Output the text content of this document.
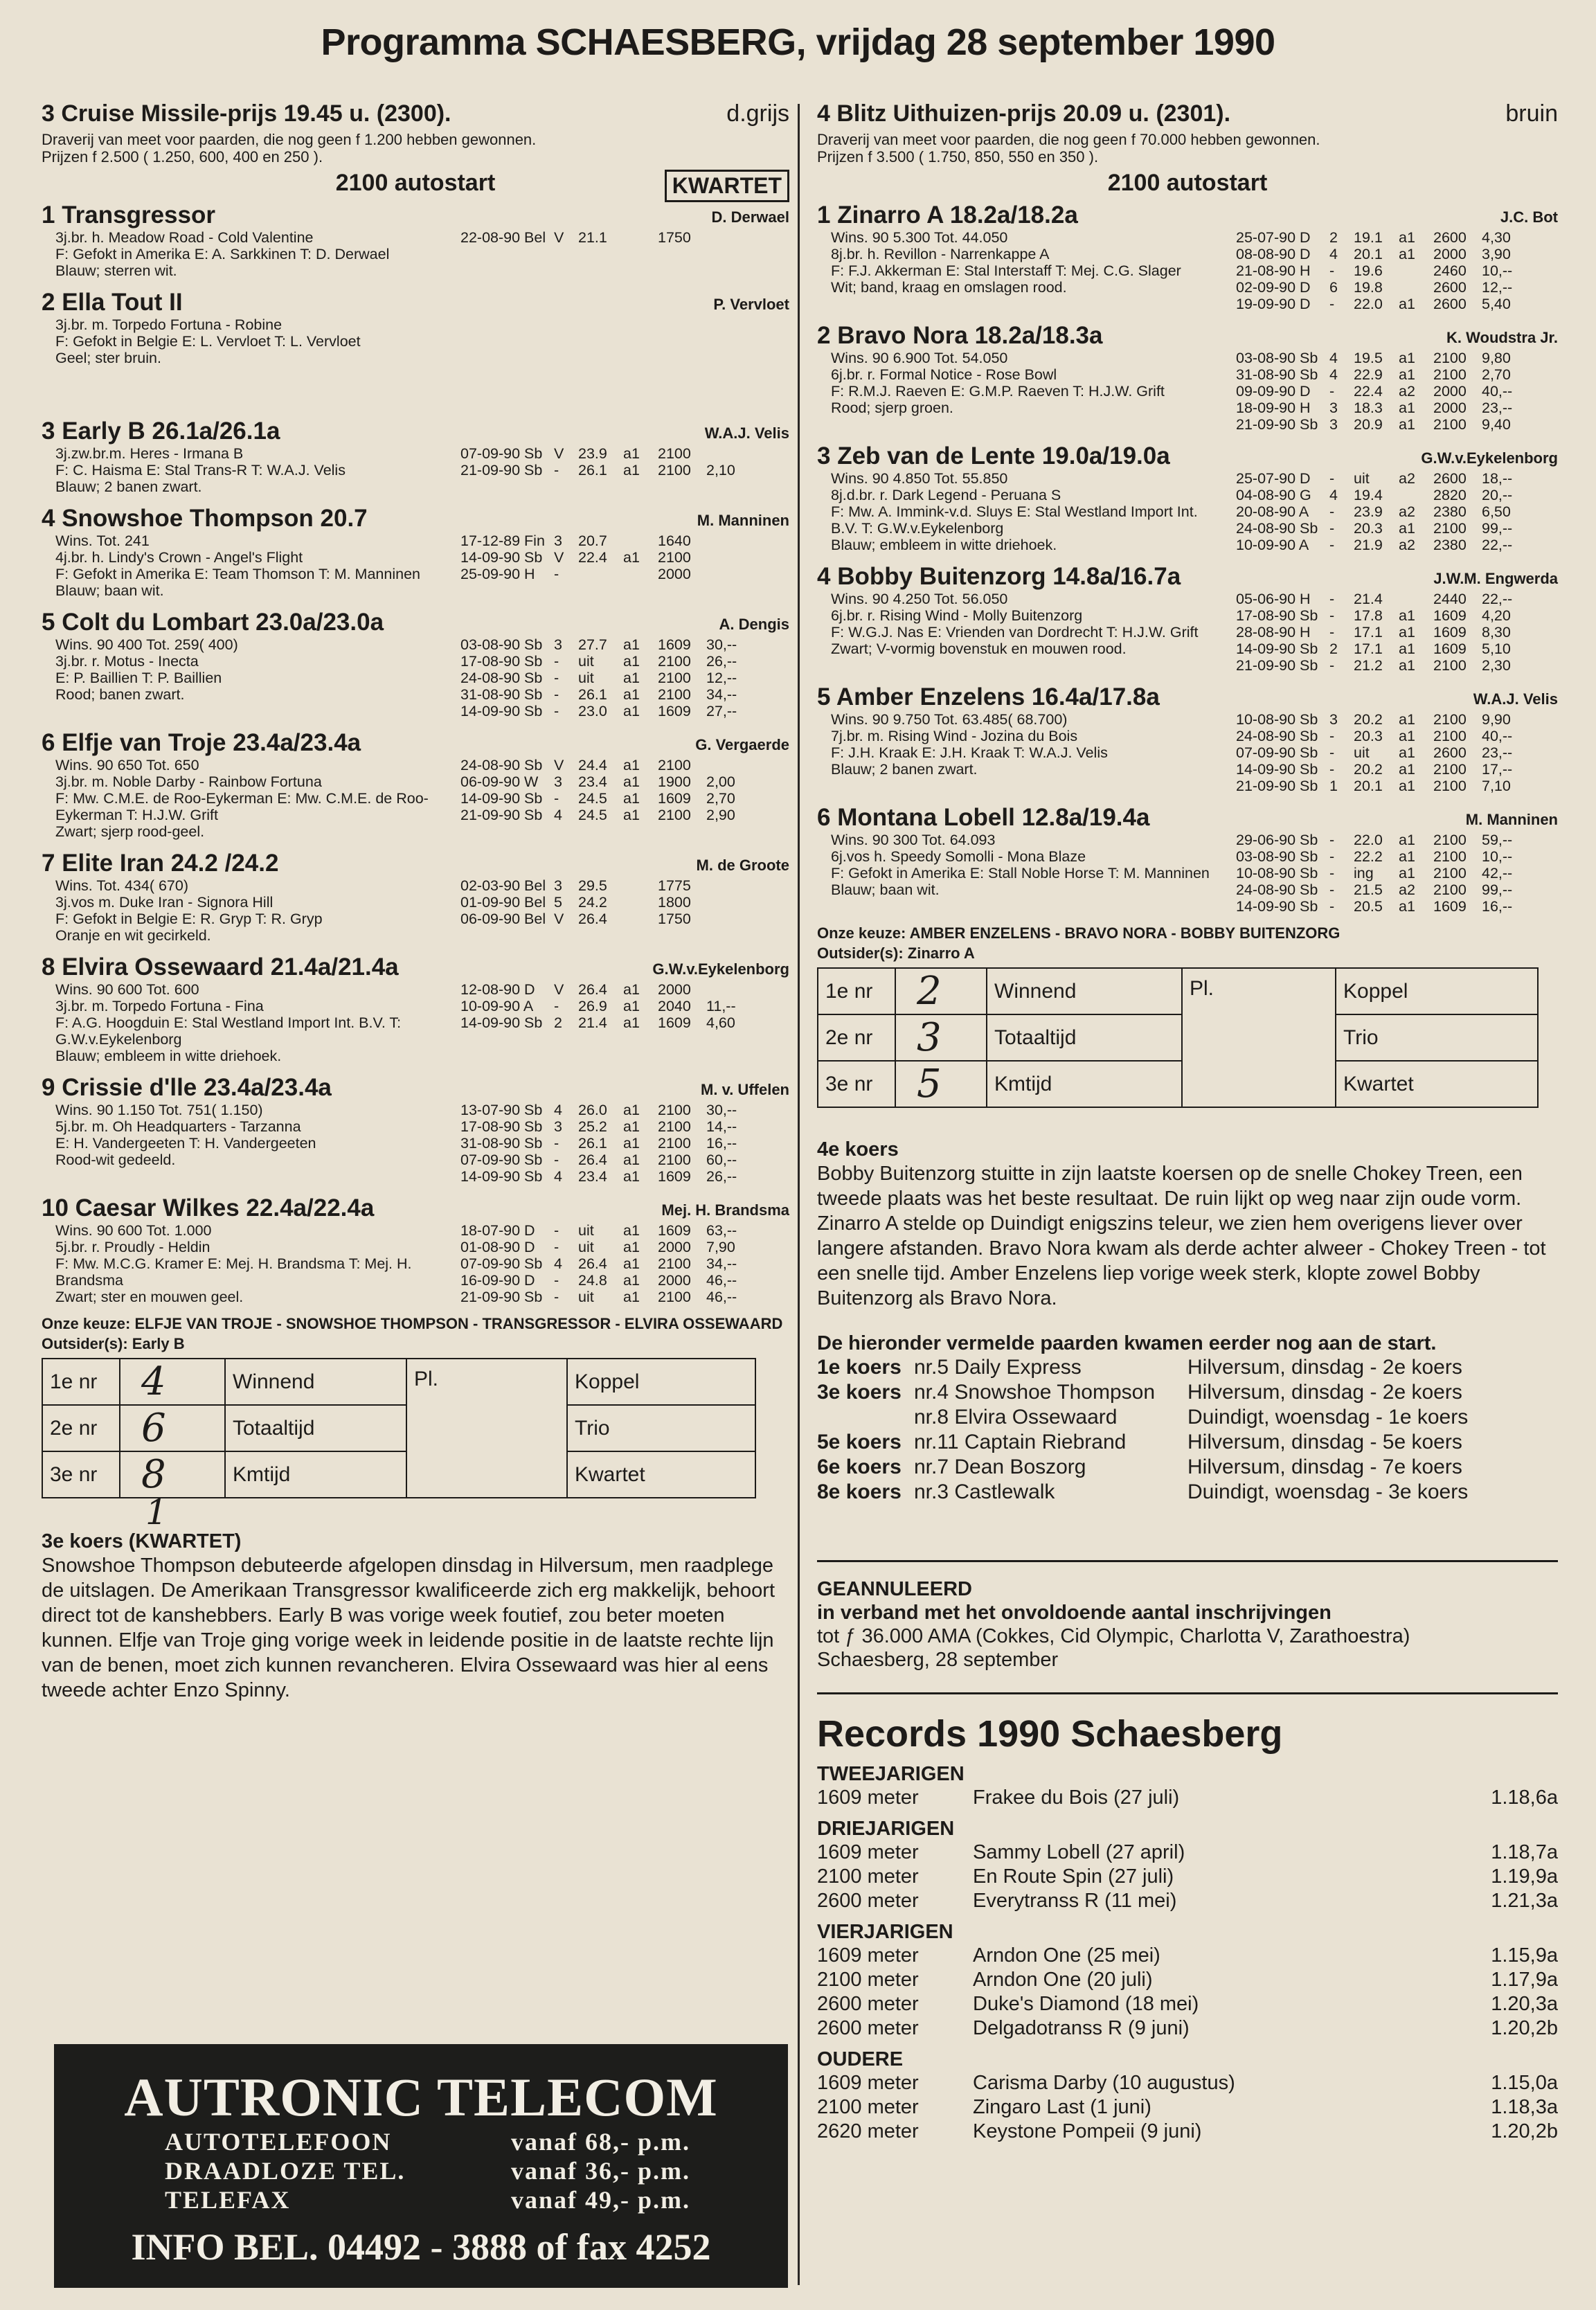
Programma SCHAESBERG, vrijdag 28 september 1990
3 Cruise Missile-prijs 19.45 u. (2300).	d.grijs
Draverij van meet voor paarden, die nog geen f 1.200 hebben gewonnen.
Prijzen f 2.500 ( 1.250, 600, 400 en 250 ).
2100 autostart	KWARTET
1 Transgressor	D. Derwael
3j.br. h. Meadow Road - Cold Valentine
F: Gefokt in Amerika E: A. Sarkkinen T: D. Derwael
Blauw; sterren wit.
22-08-90 Bel V 21.1	1750
2 Ella Tout II	P. Vervloet
3j.br. m. Torpedo Fortuna - Robine
F: Gefokt in Belgie E: L. Vervloet T: L. Vervloet
Geel; ster bruin.
3 Early B 26.1a/26.1a	W.A.J. Velis
3j.zw.br.m. Heres - Irmana B
F: C. Haisma E: Stal Trans-R T: W.A.J. Velis
Blauw; 2 banen zwart.
07-09-90 Sb V 23.9 a1 2100
21-09-90 Sb - 26.1 a1 2100 2,10
4 Snowshoe Thompson 20.7	M. Manninen
Wins. Tot. 241
4j.br. h. Lindy's Crown - Angel's Flight
F: Gefokt in Amerika E: Team Thomson T: M. Manninen
Blauw; baan wit.
17-12-89 Fin 3 20.7	1640
14-09-90 Sb V 22.4 a1 2100
25-09-90 H -	2000
5 Colt du Lombart 23.0a/23.0a	A. Dengis
Wins. 90 400 Tot. 259( 400)
3j.br. r. Motus - Inecta
E: P. Baillien T: P. Baillien
Rood; banen zwart.
03-08-90 Sb 3 27.7 a1 1609 30,--
17-08-90 Sb - uit a1 2100 26,--
24-08-90 Sb - uit a1 2100 12,--
31-08-90 Sb - 26.1 a1 2100 34,--
14-09-90 Sb - 23.0 a1 1609 27,--
6 Elfje van Troje 23.4a/23.4a	G. Vergaerde
Wins. 90 650 Tot. 650
3j.br. m. Noble Darby - Rainbow Fortuna
F: Mw. C.M.E. de Roo-Eykerman E: Mw. C.M.E. de Roo-Eykerman T: H.J.W. Grift
Zwart; sjerp rood-geel.
24-08-90 Sb V 24.4 a1 2100
06-09-90 W 3 23.4 a1 1900 2,00
14-09-90 Sb - 24.5 a1 1609 2,70
21-09-90 Sb 4 24.5 a1 2100 2,90
7 Elite Iran 24.2 /24.2	M. de Groote
Wins. Tot. 434( 670)
3j.vos m. Duke Iran - Signora Hill
F: Gefokt in Belgie E: R. Gryp T: R. Gryp
Oranje en wit gecirkeld.
02-03-90 Bel 3 29.5	1775
01-09-90 Bel 5 24.2	1800
06-09-90 Bel V 26.4	1750
8 Elvira Ossewaard 21.4a/21.4a	G.W.v.Eykelenborg
Wins. 90 600 Tot. 600
3j.br. m. Torpedo Fortuna - Fina
F: A.G. Hoogduin E: Stal Westland Import Int. B.V. T: G.W.v.Eykelenborg
Blauw; embleem in witte driehoek.
12-08-90 D V 26.4 a1 2000
10-09-90 A - 26.9 a1 2040 11,--
14-09-90 Sb 2 21.4 a1 1609 4,60
9 Crissie d'lle 23.4a/23.4a	M. v. Uffelen
Wins. 90 1.150 Tot. 751( 1.150)
5j.br. m. Oh Headquarters - Tarzanna
E: H. Vandergeeten T: H. Vandergeeten
Rood-wit gedeeld.
13-07-90 Sb 4 26.0 a1 2100 30,--
17-08-90 Sb 3 25.2 a1 2100 14,--
31-08-90 Sb - 26.1 a1 2100 16,--
07-09-90 Sb - 26.4 a1 2100 60,--
14-09-90 Sb 4 23.4 a1 1609 26,--
10 Caesar Wilkes 22.4a/22.4a	Mej. H. Brandsma
Wins. 90 600 Tot. 1.000
5j.br. r. Proudly - Heldin
F: Mw. M.C.G. Kramer E: Mej. H. Brandsma T: Mej. H. Brandsma
Zwart; ster en mouwen geel.
18-07-90 D - uit a1 1609 63,--
01-08-90 D - uit a1 2000 7,90
07-09-90 Sb 4 26.4 a1 2100 34,--
16-09-90 D - 24.8 a1 2000 46,--
21-09-90 Sb - uit a1 2100 46,--
Onze keuze: ELFJE VAN TROJE - SNOWSHOE THOMPSON - TRANSGRESSOR - ELVIRA OSSEWAARD
Outsider(s): Early B
1e nr	4	Winnend	Pl.	Koppel
2e nr	6	Totaaltijd		Trio
3e nr	8	Kmtijd		Kwartet
1
3e koers (KWARTET)
Snowshoe Thompson debuteerde afgelopen dinsdag in Hilversum, men raadplege de uitslagen. De Amerikaan Transgressor kwalificeerde zich erg makkelijk, behoort direct tot de kanshebbers. Early B was vorige week foutief, zou beter moeten kunnen. Elfje van Troje ging vorige week in leidende positie in de laatste rechte lijn van de benen, moet zich kunnen revancheren. Elvira Ossewaard was hier al eens tweede achter Enzo Spinny.
4 Blitz Uithuizen-prijs 20.09 u. (2301).	bruin
Draverij van meet voor paarden, die nog geen f 70.000 hebben gewonnen.
Prijzen f 3.500 ( 1.750, 850, 550 en 350 ).
2100 autostart
1 Zinarro A 18.2a/18.2a	J.C. Bot
Wins. 90 5.300 Tot. 44.050
8j.br. h. Revillon - Narrenkappe A
F: F.J. Akkerman E: Stal Interstaff T: Mej. C.G. Slager
Wit; band, kraag en omslagen rood.
25-07-90 D 2 19.1 a1 2600 4,30
08-08-90 D 4 20.1 a1 2000 3,90
21-08-90 H - 19.6	2460 10,--
02-09-90 D 6 19.8	2600 12,--
19-09-90 D - 22.0 a1 2600 5,40
2 Bravo Nora 18.2a/18.3a	K. Woudstra Jr.
Wins. 90 6.900 Tot. 54.050
6j.br. r. Formal Notice - Rose Bowl
F: R.M.J. Raeven E: G.M.P. Raeven T: H.J.W. Grift
Rood; sjerp groen.
03-08-90 Sb 4 19.5 a1 2100 9,80
31-08-90 Sb 4 22.9 a1 2100 2,70
09-09-90 D - 22.4 a2 2000 40,--
18-09-90 H 3 18.3 a1 2000 23,--
21-09-90 Sb 3 20.9 a1 2100 9,40
3 Zeb van de Lente 19.0a/19.0a	G.W.v.Eykelenborg
Wins. 90 4.850 Tot. 55.850
8j.d.br. r. Dark Legend - Peruana S
F: Mw. A. Immink-v.d. Sluys E: Stal Westland Import Int. B.V. T: G.W.v.Eykelenborg
Blauw; embleem in witte driehoek.
25-07-90 D - uit a2 2600 18,--
04-08-90 G 4 19.4	2820 20,--
20-08-90 A - 23.9 a2 2380 6,50
24-08-90 Sb - 20.3 a1 2100 99,--
10-09-90 A - 21.9 a2 2380 22,--
4 Bobby Buitenzorg 14.8a/16.7a	J.W.M. Engwerda
Wins. 90 4.250 Tot. 56.050
6j.br. r. Rising Wind - Molly Buitenzorg
F: W.G.J. Nas E: Vrienden van Dordrecht T: H.J.W. Grift
Zwart; V-vormig bovenstuk en mouwen rood.
05-06-90 H - 21.4	2440 22,--
17-08-90 Sb - 17.8 a1 1609 4,20
28-08-90 H - 17.1 a1 1609 8,30
14-09-90 Sb 2 17.1 a1 1609 5,10
21-09-90 Sb - 21.2 a1 2100 2,30
5 Amber Enzelens 16.4a/17.8a	W.A.J. Velis
Wins. 90 9.750 Tot. 63.485( 68.700)
7j.br. m. Rising Wind - Jozina du Bois
F: J.H. Kraak E: J.H. Kraak T: W.A.J. Velis
Blauw; 2 banen zwart.
10-08-90 Sb 3 20.2 a1 2100 9,90
24-08-90 Sb - 20.3 a1 2100 40,--
07-09-90 Sb - uit a1 2600 23,--
14-09-90 Sb - 20.2 a1 2100 17,--
21-09-90 Sb 1 20.1 a1 2100 7,10
6 Montana Lobell 12.8a/19.4a	M. Manninen
Wins. 90 300 Tot. 64.093
6j.vos h. Speedy Somolli - Mona Blaze
F: Gefokt in Amerika E: Stall Noble Horse T: M. Manninen
Blauw; baan wit.
29-06-90 Sb - 22.0 a1 2100 59,--
03-08-90 Sb - 22.2 a1 2100 10,--
10-08-90 Sb - ing a1 2100 42,--
24-08-90 Sb - 21.5 a2 2100 99,--
14-09-90 Sb - 20.5 a1 1609 16,--
Onze keuze: AMBER ENZELENS - BRAVO NORA - BOBBY BUITENZORG
Outsider(s): Zinarro A
1e nr	2	Winnend	Pl.	Koppel
2e nr	3	Totaaltijd		Trio
3e nr	5	Kmtijd		Kwartet
4e koers
Bobby Buitenzorg stuitte in zijn laatste koersen op de snelle Chokey Treen, een tweede plaats was het beste resultaat. De ruin lijkt op weg naar zijn oude vorm. Zinarro A stelde op Duindigt enigszins teleur, we zien hem overigens liever over langere afstanden. Bravo Nora kwam als derde achter alweer - Chokey Treen - tot een snelle tijd. Amber Enzelens liep vorige week sterk, klopte zowel Bobby Buitenzorg als Bravo Nora.
De hieronder vermelde paarden kwamen eerder nog aan de start.
1e koers nr.5 Daily Express	Hilversum, dinsdag - 2e koers
3e koers nr.4 Snowshoe Thompson Hilversum, dinsdag - 2e koers
nr.8 Elvira Ossewaard	Duindigt, woensdag - 1e koers
5e koers nr.11 Captain Riebrand	Hilversum, dinsdag - 5e koers
6e koers nr.7 Dean Boszorg	Hilversum, dinsdag - 7e koers
8e koers nr.3 Castlewalk	Duindigt, woensdag - 3e koers
GEANNULEERD
in verband met het onvoldoende aantal inschrijvingen
tot ƒ 36.000 AMA (Cokkes, Cid Olympic, Charlotta V, Zarathoestra)
Schaesberg, 28 september
Records 1990 Schaesberg
TWEEJARIGEN
1609 meter	Frakee du Bois (27 juli)	1.18,6a
DRIEJARIGEN
1609 meter	Sammy Lobell (27 april)	1.18,7a
2100 meter	En Route Spin (27 juli)	1.19,9a
2600 meter	Everytranss R (11 mei)	1.21,3a
VIERJARIGEN
1609 meter	Arndon One (25 mei)	1.15,9a
2100 meter	Arndon One (20 juli)	1.17,9a
2600 meter	Duke's Diamond (18 mei)	1.20,3a
2600 meter	Delgadotranss R (9 juni)	1.20,2b
OUDERE
1609 meter	Carisma Darby (10 augustus)	1.15,0a
2100 meter	Zingaro Last (1 juni)	1.18,3a
2620 meter	Keystone Pompeii (9 juni)	1.20,2b
AUTRONIC TELECOM
AUTOTELEFOON	vanaf 68,- p.m.
DRAADLOZE TEL.	vanaf 36,- p.m.
TELEFAX	vanaf 49,- p.m.
INFO BEL. 04492 - 3888 of fax 4252
